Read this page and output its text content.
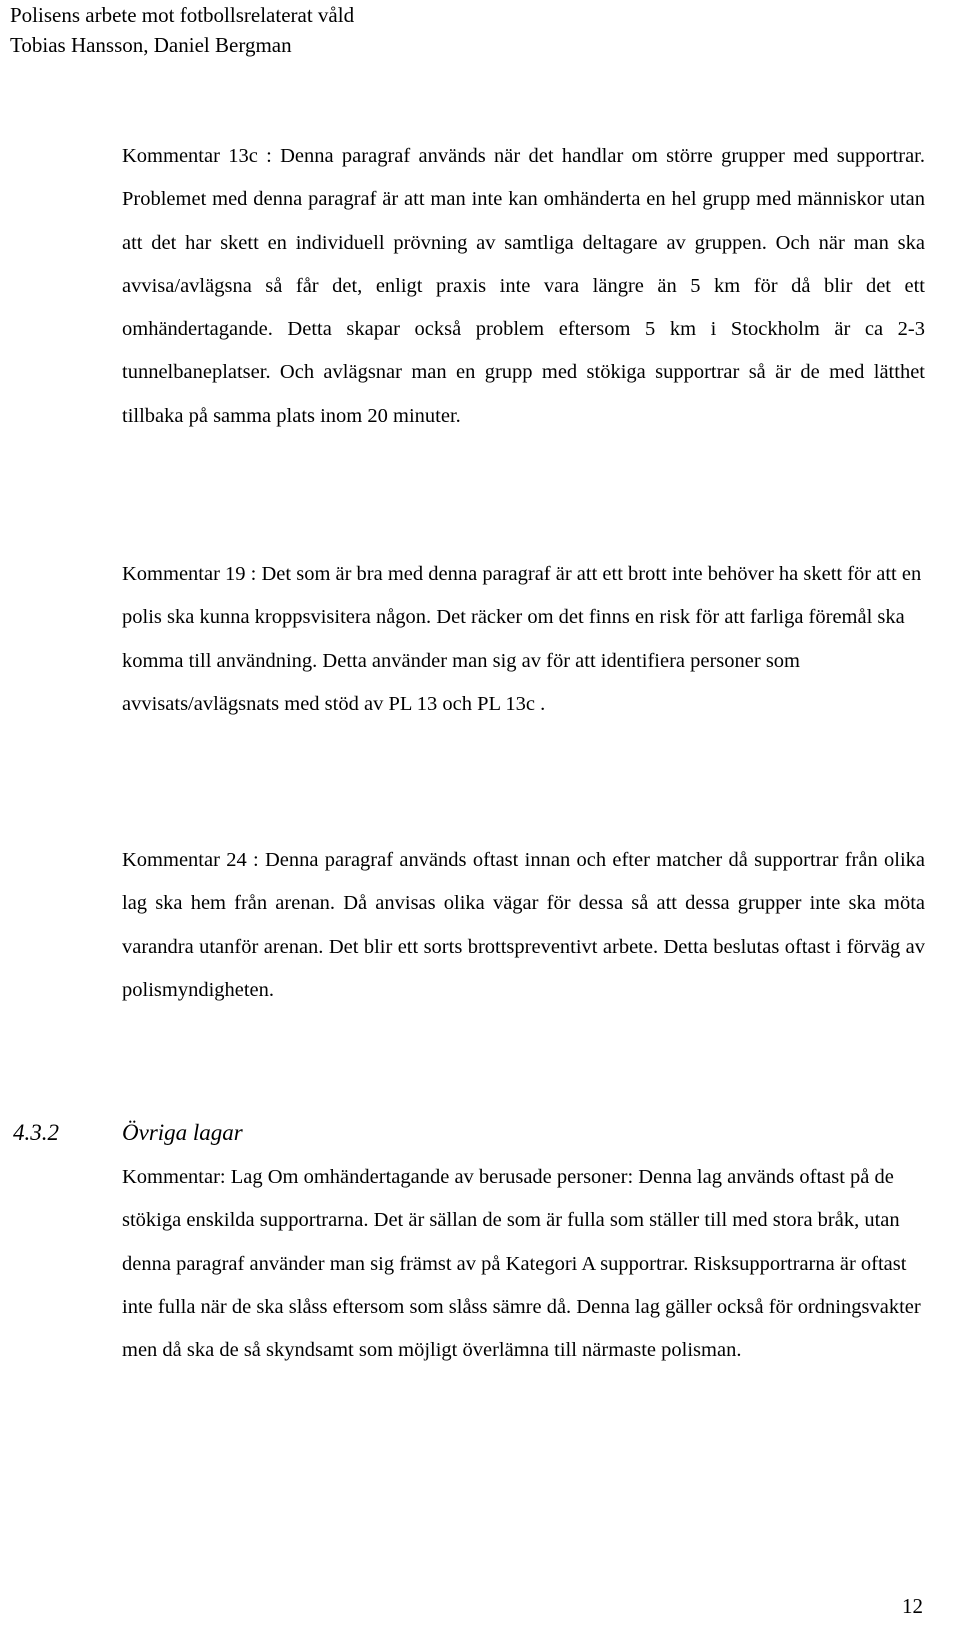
Polisens arbete mot fotbollsrelaterat våld
Tobias Hansson, Daniel Bergman

Kommentar 13c : Denna paragraf används när det handlar om större grupper med supportrar. Problemet med denna paragraf är att man inte kan omhänderta en hel grupp med människor utan att det har skett en individuell prövning av samtliga deltagare av gruppen. Och när man ska avvisa/avlägsna så får det, enligt praxis inte vara längre än 5 km för då blir det ett omhändertagande. Detta skapar också problem eftersom 5 km i Stockholm är ca 2-3 tunnelbaneplatser. Och avlägsnar man en grupp med stökiga supportrar så är de med lätthet tillbaka på samma plats inom 20 minuter.

Kommentar 19 : Det som är bra med denna paragraf är att ett brott inte behöver ha skett för att en polis ska kunna kroppsvisitera någon. Det räcker om det finns en risk för att farliga föremål ska komma till användning. Detta använder man sig av för att identifiera personer som avvisats/avlägsnats med stöd av PL 13 och PL 13c .

Kommentar 24 : Denna paragraf används oftast innan och efter matcher då supportrar från olika lag ska hem från arenan. Då anvisas olika vägar för dessa så att dessa grupper inte ska möta varandra utanför arenan. Det blir ett sorts brottspreventivt arbete. Detta beslutas oftast i förväg av polismyndigheten.

4.3.2	Övriga lagar

Kommentar: Lag Om omhändertagande av berusade personer: Denna lag används oftast på de stökiga enskilda supportrarna. Det är sällan de som är fulla som ställer till med stora bråk, utan denna paragraf använder man sig främst av på Kategori A supportrar. Risksupportrarna är oftast inte fulla när de ska slåss eftersom som slåss sämre då. Denna lag gäller också för ordningsvakter men då ska de så skyndsamt som möjligt överlämna till närmaste polisman.

12
